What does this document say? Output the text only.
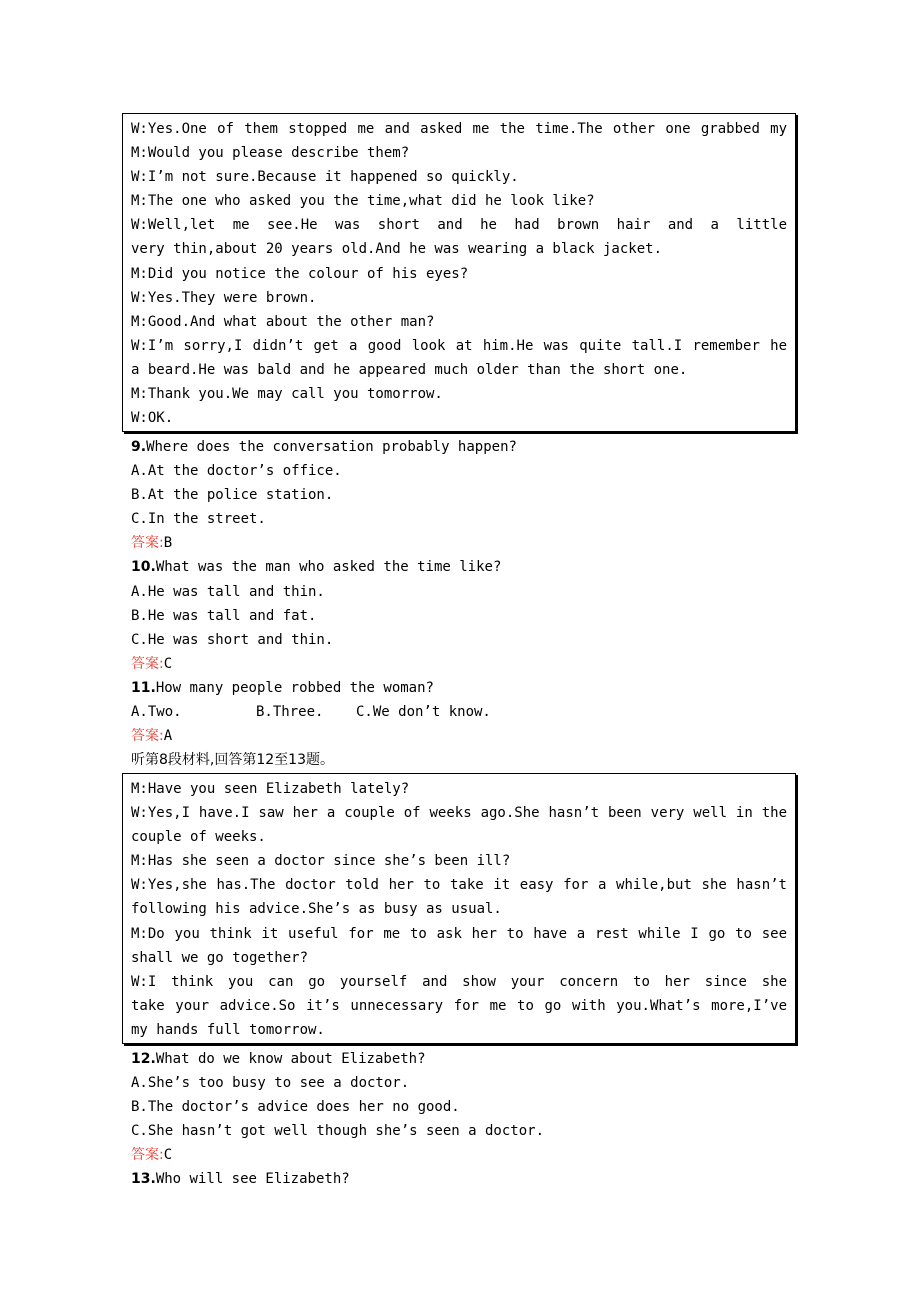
W:Yes.One of them stopped me and asked me the time.The other one grabbed my
M:Would you please describe them?
W:I’m not sure.Because it happened so quickly.
M:The one who asked you the time,what did he look like?
W:Well,let me see.He was short and he had brown hair and a little
very thin,about 20 years old.And he was wearing a black jacket.
M:Did you notice the colour of his eyes?
W:Yes.They were brown.
M:Good.And what about the other man?
W:I’m sorry,I didn’t get a good look at him.He was quite tall.I remember he
a beard.He was bald and he appeared much older than the short one.
M:Thank you.We may call you tomorrow.
W:OK.
9.Where does the conversation probably happen?
A.At the doctor’s office.
B.At the police station.
C.In the street.
答案:B
10.What was the man who asked the time like?
A.He was tall and thin.
B.He was tall and fat.
C.He was short and thin.
答案:C
11.How many people robbed the woman?
A.Two.	B.Three.	C.We don’t know.
答案:A
听第8段材料,回答第12至13题。
M:Have you seen Elizabeth lately?
W:Yes,I have.I saw her a couple of weeks ago.She hasn’t been very well in the
couple of weeks.
M:Has she seen a doctor since she’s been ill?
W:Yes,she has.The doctor told her to take it easy for a while,but she hasn’t
following his advice.She’s as busy as usual.
M:Do you think it useful for me to ask her to have a rest while I go to see
shall we go together?
W:I think you can go yourself and show your concern to her since she
take your advice.So it’s unnecessary for me to go with you.What’s more,I’ve
my hands full tomorrow.
12.What do we know about Elizabeth?
A.She’s too busy to see a doctor.
B.The doctor’s advice does her no good.
C.She hasn’t got well though she’s seen a doctor.
答案:C
13.Who will see Elizabeth?
